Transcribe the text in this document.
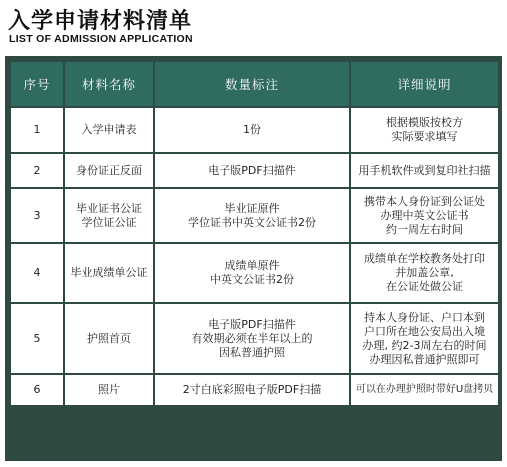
入学申请材料清单
LIST OF ADMISSION APPLICATION
序号	材料名称	数量标注	详细说明
1	入学申请表	1份	根据模版按校方
实际要求填写
2	身份证正反面	电子版PDF扫描件	用手机软件或到复印社扫描
3	毕业证书公证
学位证公证	毕业证原件
学位证书中英文公证书2份	携带本人身份证到公证处
办理中英文公证书
约一周左右时间
4	毕业成绩单公证	成绩单原件
中英文公证书2份	成绩单在学校教务处打印
并加盖公章,
在公证处做公证
5	护照首页	电子版PDF扫描件
有效期必须在半年以上的
因私普通护照	持本人身份证、户口本到
户口所在地公安局出入境
办理, 约2-3周左右的时间
办理因私普通护照即可
6	照片	2寸白底彩照电子版PDF扫描	可以在办理护照时带好U盘拷贝
